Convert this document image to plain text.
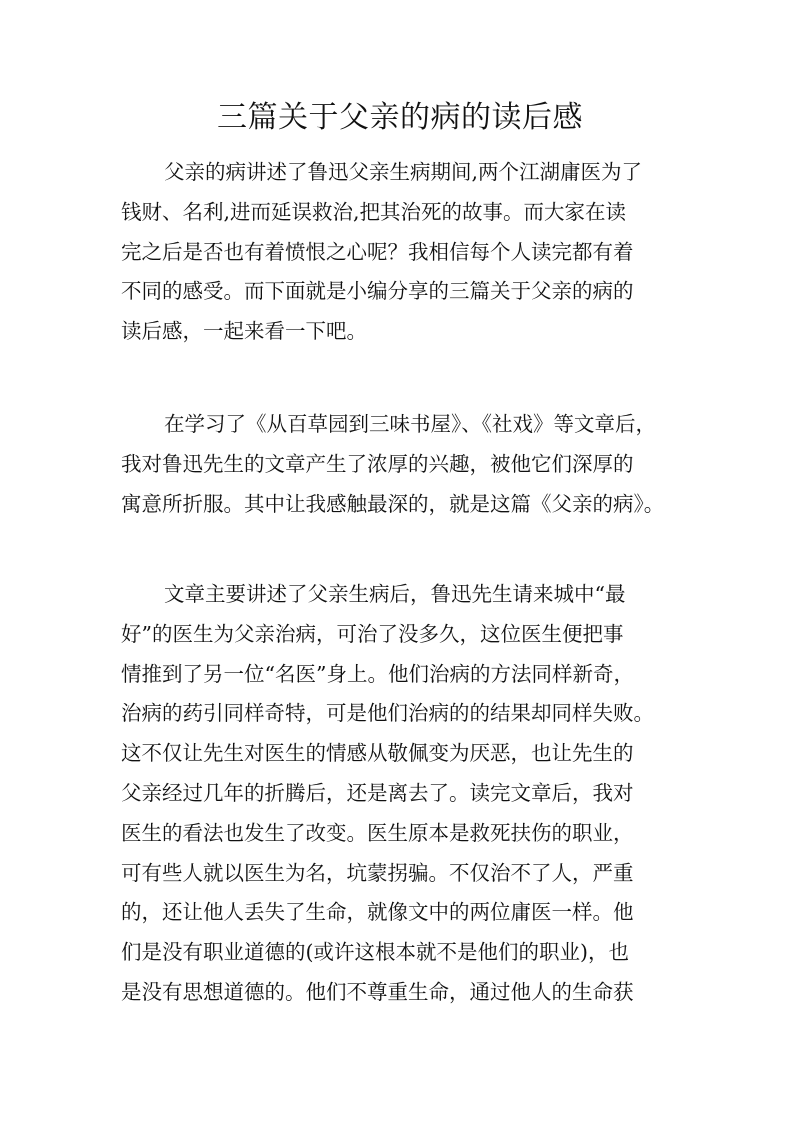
三篇关于父亲的病的读后感
父亲的病讲述了鲁迅父亲生病期间,两个江湖庸医为了
钱财、名利,进而延误救治,把其治死的故事。而大家在读
完之后是否也有着愤恨之心呢？我相信每个人读完都有着
不同的感受。而下面就是小编分享的三篇关于父亲的病的
读后感，一起来看一下吧。
在学习了《从百草园到三味书屋》、《社戏》等文章后，
我对鲁迅先生的文章产生了浓厚的兴趣，被他它们深厚的
寓意所折服。其中让我感触最深的，就是这篇《父亲的病》。
文章主要讲述了父亲生病后，鲁迅先生请来城中“最
好”的医生为父亲治病，可治了没多久，这位医生便把事
情推到了另一位“名医”身上。他们治病的方法同样新奇，
治病的药引同样奇特，可是他们治病的的结果却同样失败。
这不仅让先生对医生的情感从敬佩变为厌恶，也让先生的
父亲经过几年的折腾后，还是离去了。读完文章后，我对
医生的看法也发生了改变。医生原本是救死扶伤的职业，
可有些人就以医生为名，坑蒙拐骗。不仅治不了人，严重
的，还让他人丢失了生命，就像文中的两位庸医一样。他
们是没有职业道德的(或许这根本就不是他们的职业)，也
是没有思想道德的。他们不尊重生命，通过他人的生命获
